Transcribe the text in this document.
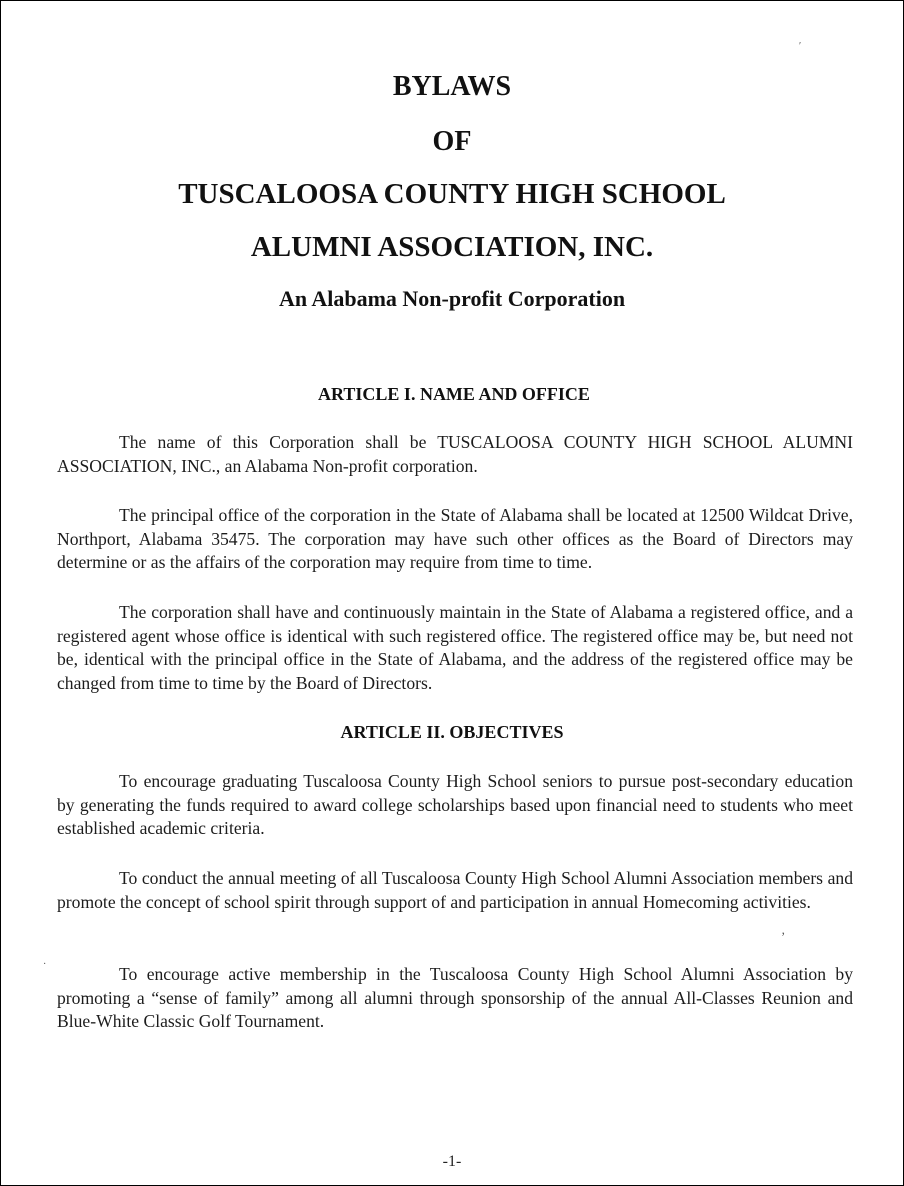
BYLAWS
OF
TUSCALOOSA COUNTY HIGH SCHOOL
ALUMNI ASSOCIATION, INC.
An Alabama Non-profit Corporation
ARTICLE I. NAME AND OFFICE

The name of this Corporation shall be TUSCALOOSA COUNTY HIGH SCHOOL ALUMNI ASSOCIATION, INC., an Alabama Non-profit corporation.

The principal office of the corporation in the State of Alabama shall be located at 12500 Wildcat Drive, Northport, Alabama 35475. The corporation may have such other offices as the Board of Directors may determine or as the affairs of the corporation may require from time to time.

The corporation shall have and continuously maintain in the State of Alabama a registered office, and a registered agent whose office is identical with such registered office. The registered office may be, but need not be, identical with the principal office in the State of Alabama, and the address of the registered office may be changed from time to time by the Board of Directors.

ARTICLE II. OBJECTIVES

To encourage graduating Tuscaloosa County High School seniors to pursue post-secondary education by generating the funds required to award college scholarships based upon financial need to students who meet established academic criteria.

To conduct the annual meeting of all Tuscaloosa County High School Alumni Association members and promote the concept of school spirit through support of and participation in annual Homecoming activities.

To encourage active membership in the Tuscaloosa County High School Alumni Association by promoting a “sense of family” among all alumni through sponsorship of the annual All-Classes Reunion and Blue-White Classic Golf Tournament.

-1-
′
’
·
